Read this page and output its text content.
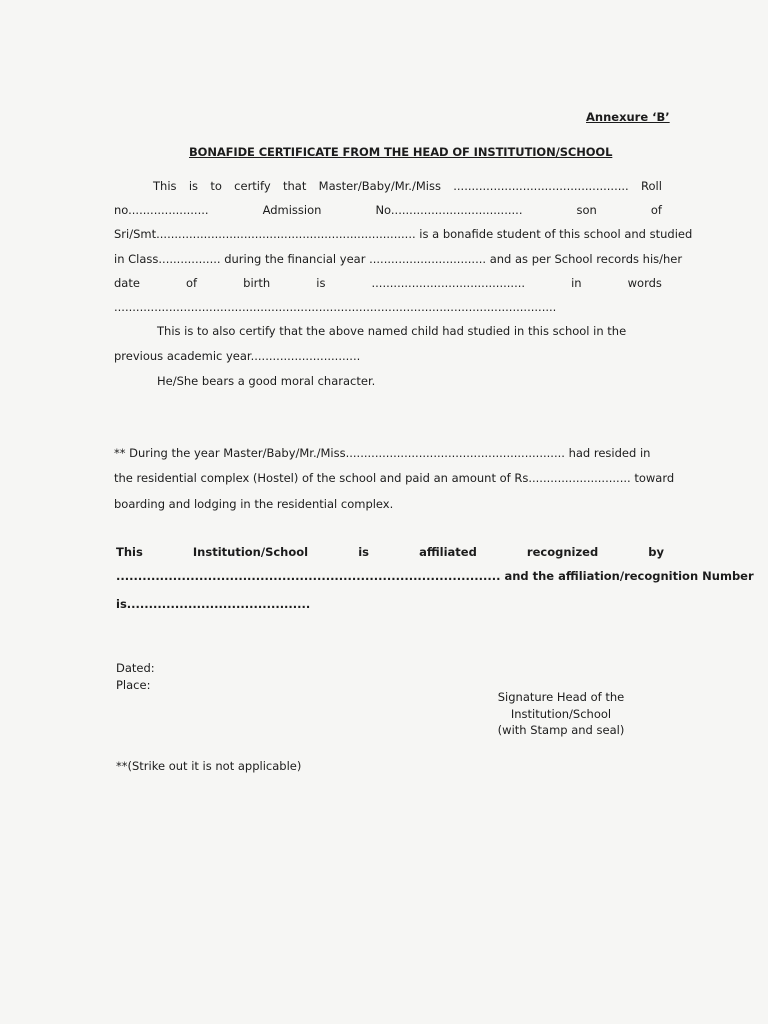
Annexure ‘B’
BONAFIDE CERTIFICATE FROM THE HEAD OF INSTITUTION/SCHOOL
This is to certify that Master/Baby/Mr./Miss ................................................ Roll
no......................	Admission	No....................................	son	of
Sri/Smt....................................................................... is a bonafide student of this school and studied
in Class................. during the financial year ................................ and as per School records his/her
date	of	birth	is	..........................................	in	words
.........................................................................................................................
This is to also certify that the above named child had studied in this school in the
previous academic year..............................
He/She bears a good moral character.
** During the year Master/Baby/Mr./Miss............................................................ had resided in
the residential complex (Hostel) of the school and paid an amount of Rs............................ toward
boarding and lodging in the residential complex.
This	Institution/School	is	affiliated	recognized	by
........................................................................................ and the affiliation/recognition Number
is..........................................
Dated:
Place:
Signature Head of the
Institution/School
(with Stamp and seal)
**(Strike out it is not applicable)
